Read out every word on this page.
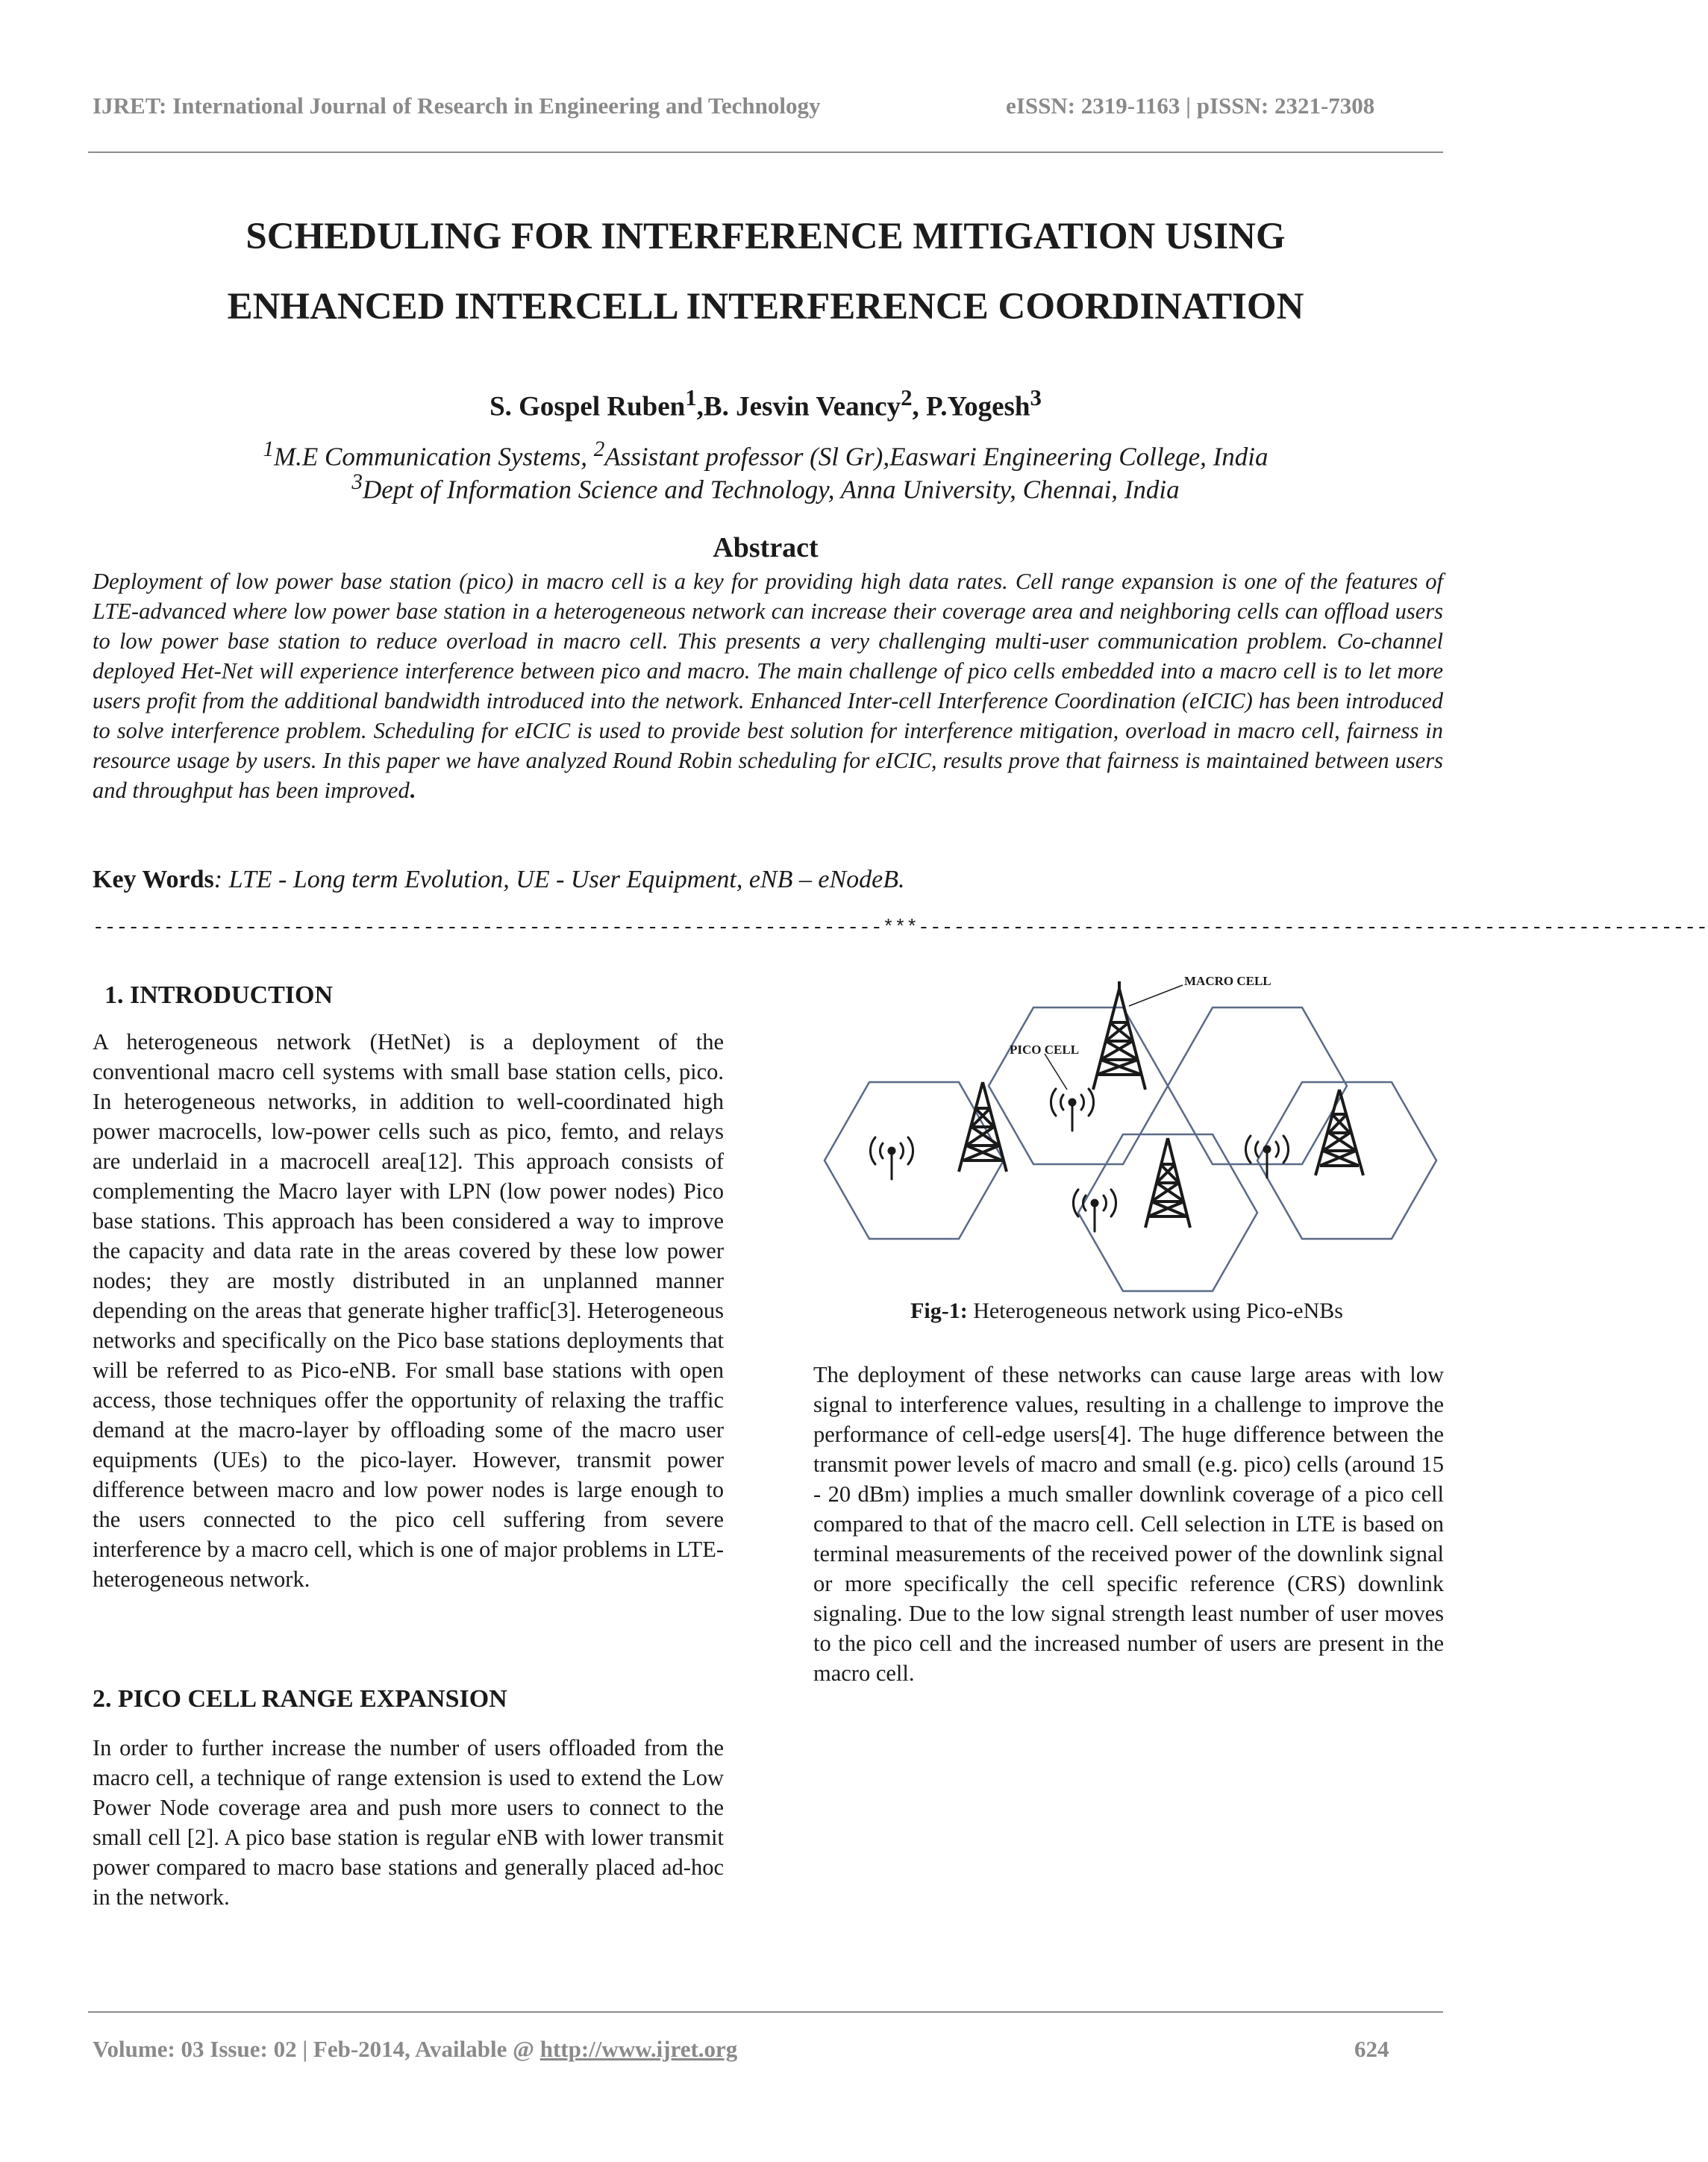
IJRET: International Journal of Research in Engineering and Technology	eISSN: 2319-1163 | pISSN: 2321-7308
SCHEDULING FOR INTERFERENCE MITIGATION USING
ENHANCED INTERCELL INTERFERENCE COORDINATION
S. Gospel Ruben$^1$,B. Jesvin Veancy$^2$, P.Yogesh$^3$
$^1$M.E Communication Systems, $^2$Assistant professor (Sl Gr),Easwari Engineering College, India
$^3$Dept of Information Science and Technology, Anna University, Chennai, India
Abstract
Deployment of low power base station (pico) in macro cell is a key for providing high data rates. Cell range expansion is one of the features of LTE-advanced where low power base station in a heterogeneous network can increase their coverage area and neighboring cells can offload users to low power base station to reduce overload in macro cell. This presents a very challenging multi-user communication problem. Co-channel deployed Het-Net will experience interference between pico and macro. The main challenge of pico cells embedded into a macro cell is to let more users profit from the additional bandwidth introduced into the network. Enhanced Inter-cell Interference Coordination (eICIC) has been introduced to solve interference problem. Scheduling for eICIC is used to provide best solution for interference mitigation, overload in macro cell, fairness in resource usage by users. In this paper we have analyzed Round Robin scheduling for eICIC, results prove that fairness is maintained between users and throughput has been improved.
Key Words: LTE - Long term Evolution, UE - User Equipment, eNB – eNodeB.
-------------------------------------------------------------------***-------------------------------------------------------------------
1. INTRODUCTION

A heterogeneous network (HetNet) is a deployment of the conventional macro cell systems with small base station cells, pico. In heterogeneous networks, in addition to well-coordinated high power macrocells, low-power cells such as pico, femto, and relays are underlaid in a macrocell area[12]. This approach consists of complementing the Macro layer with LPN (low power nodes) Pico base stations. This approach has been considered a way to improve the capacity and data rate in the areas covered by these low power nodes; they are mostly distributed in an unplanned manner depending on the areas that generate higher traffic[3]. Heterogeneous networks and specifically on the Pico base stations deployments that will be referred to as Pico-eNB. For small base stations with open access, those techniques offer the opportunity of relaxing the traffic demand at the macro-layer by offloading some of the macro user equipments (UEs) to the pico-layer. However, transmit power difference between macro and low power nodes is large enough to the users connected to the pico cell suffering from severe interference by a macro cell, which is one of major problems in LTE-heterogeneous network.

2. PICO CELL RANGE EXPANSION

In order to further increase the number of users offloaded from the macro cell, a technique of range extension is used to extend the Low Power Node coverage area and push more users to connect to the small cell [2]. A pico base station is regular eNB with lower transmit power compared to macro base stations and generally placed ad-hoc in the network.

MACRO CELL
PICO CELL
Fig-1: Heterogeneous network using Pico-eNBs

The deployment of these networks can cause large areas with low signal to interference values, resulting in a challenge to improve the performance of cell-edge users[4]. The huge difference between the transmit power levels of macro and small (e.g. pico) cells (around 15 - 20 dBm) implies a much smaller downlink coverage of a pico cell compared to that of the macro cell. Cell selection in LTE is based on terminal measurements of the received power of the downlink signal or more specifically the cell specific reference (CRS) downlink signaling. Due to the low signal strength least number of user moves to the pico cell and the increased number of users are present in the macro cell.

Volume: 03 Issue: 02 | Feb-2014, Available @ http://www.ijret.org	624
